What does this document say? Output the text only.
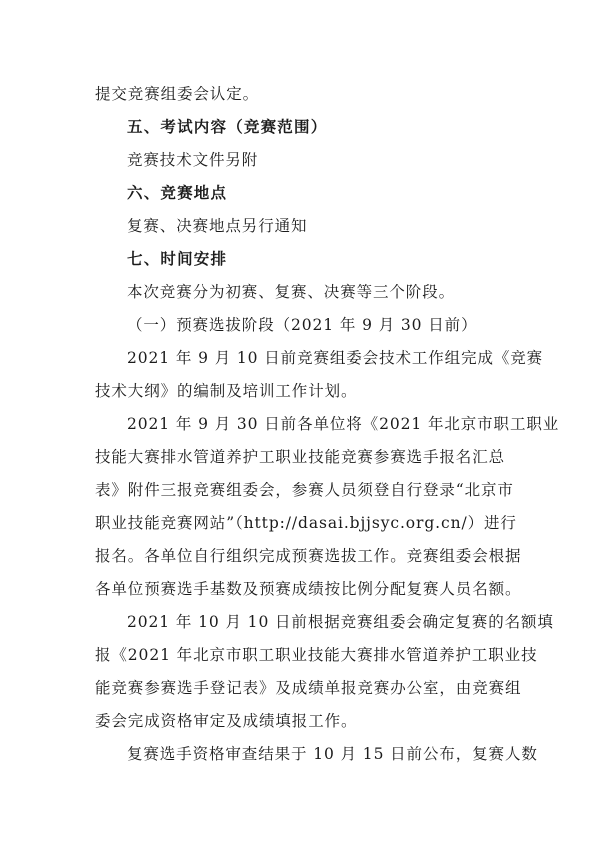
提交竞赛组委会认定。
五、考试内容（竞赛范围）
竞赛技术文件另附
六、竞赛地点
复赛、决赛地点另行通知
七、时间安排
本次竞赛分为初赛、复赛、决赛等三个阶段。
（一）预赛选拔阶段（2021 年 9 月 30 日前）
2021 年 9 月 10 日前竞赛组委会技术工作组完成《竞赛
技术大纲》的编制及培训工作计划。
2021 年 9 月 30 日前各单位将《2021 年北京市职工职业
技能大赛排水管道养护工职业技能竞赛参赛选手报名汇总
表》附件三报竞赛组委会，参赛人员须登自行登录“北京市
职业技能竞赛网站”（http://dasai.bjjsyc.org.cn/）进行
报名。各单位自行组织完成预赛选拔工作。竞赛组委会根据
各单位预赛选手基数及预赛成绩按比例分配复赛人员名额。
2021 年 10 月 10 日前根据竞赛组委会确定复赛的名额填
报《2021 年北京市职工职业技能大赛排水管道养护工职业技
能竞赛参赛选手登记表》及成绩单报竞赛办公室，由竞赛组
委会完成资格审定及成绩填报工作。
复赛选手资格审查结果于 10 月 15 日前公布，复赛人数
